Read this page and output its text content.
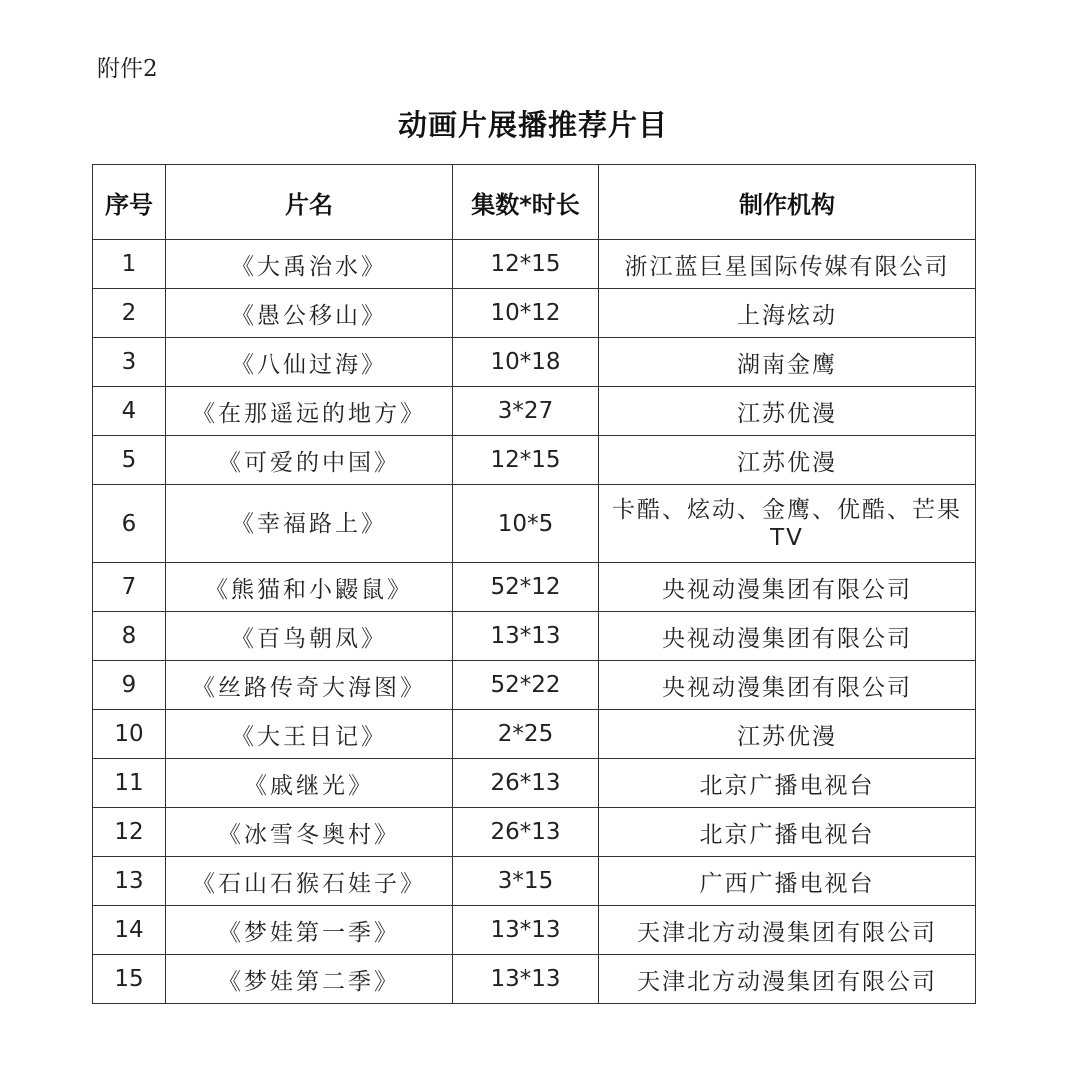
附件2
动画片展播推荐片目
序号	片名	集数*时长	制作机构
1	《大禹治水》	12*15	浙江蓝巨星国际传媒有限公司
2	《愚公移山》	10*12	上海炫动
3	《八仙过海》	10*18	湖南金鹰
4	《在那遥远的地方》	3*27	江苏优漫
5	《可爱的中国》	12*15	江苏优漫
6	《幸福路上》	10*5	卡酷、炫动、金鹰、优酷、芒果TV
7	《熊猫和小鼹鼠》	52*12	央视动漫集团有限公司
8	《百鸟朝凤》	13*13	央视动漫集团有限公司
9	《丝路传奇大海图》	52*22	央视动漫集团有限公司
10	《大王日记》	2*25	江苏优漫
11	《戚继光》	26*13	北京广播电视台
12	《冰雪冬奥村》	26*13	北京广播电视台
13	《石山石猴石娃子》	3*15	广西广播电视台
14	《梦娃第一季》	13*13	天津北方动漫集团有限公司
15	《梦娃第二季》	13*13	天津北方动漫集团有限公司
